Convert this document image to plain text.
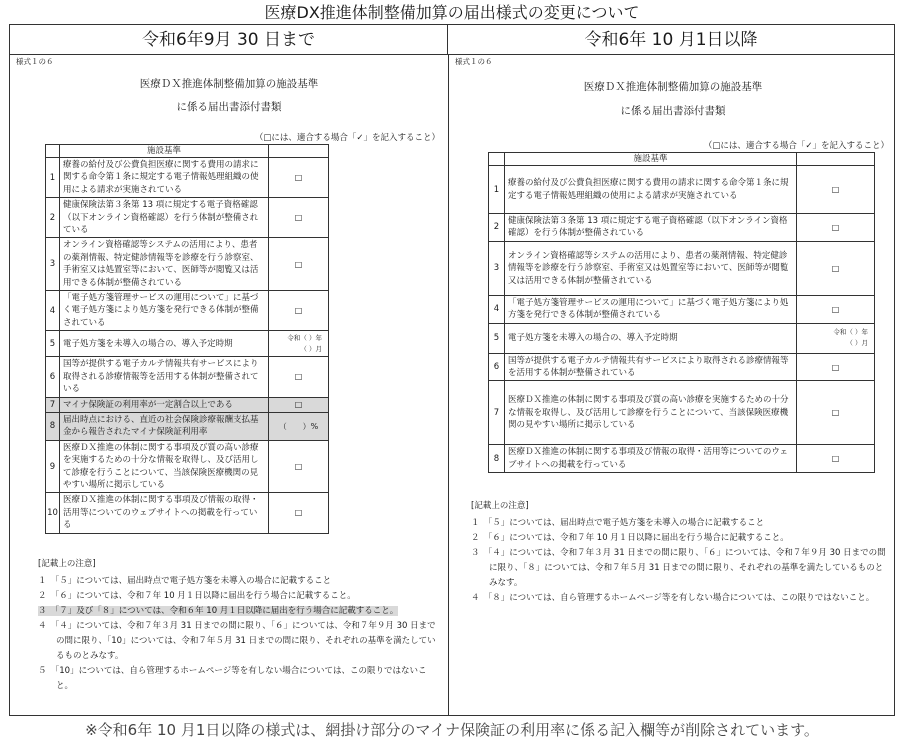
医療DX推進体制整備加算の届出様式の変更について
令和6年9月 30 日まで	令和6年 10 月1日以降
様式１の６
医療ＤＸ推進体制整備加算の施設基準
に係る届出書添付書類
（□には、適合する場合「✓」を記入すること）
	施設基準	
1	療養の給付及び公費負担医療に関する費用の請求に関する命令第１条に規定する電子情報処理組織の使用による請求が実施されている	□
2	健康保険法第３条第 13 項に規定する電子資格確認（以下オンライン資格確認）を行う体制が整備されている	□
3	オンライン資格確認等システムの活用により、患者の薬剤情報、特定健診情報等を診療を行う診察室、手術室又は処置室等において、医師等が閲覧又は活用できる体制が整備されている	□
4	「電子処方箋管理サービスの運用について」に基づく電子処方箋により処方箋を発行できる体制が整備されている	□
5	電子処方箋を未導入の場合の、導入予定時期	令和（ ）年
（ ）月

6	国等が提供する電子カルテ情報共有サービスにより取得される診療情報等を活用する体制が整備されている	□
7	マイナ保険証の利用率が一定割合以上である	□
8	届出時点における、直近の社会保険診療報酬支払基金から報告されたマイナ保険証利用率	（　　）%
9	医療ＤＸ推進の体制に関する事項及び質の高い診療を実施するための十分な情報を取得し、及び活用して診療を行うことについて、当該保険医療機関の見やすい場所に掲示している	□
10	医療ＤＸ推進の体制に関する事項及び情報の取得・活用等についてのウェブサイトへの掲載を行っている	□
[記載上の注意]
１　「５」については、届出時点で電子処方箋を未導入の場合に記載すること
２　「６」については、令和７年 10 月１日以降に届出を行う場合に記載すること。
３　「７」及び「８」については、令和６年 10 月１日以降に届出を行う場合に記載すること。
４　「４」については、令和７年３月 31 日までの間に限り、「６」については、令和７年９月 30 日までの間に限り、「10」については、令和７年５月 31 日までの間に限り、それぞれの基準を満たしているものとみなす。
５　「10」については、自ら管理するホームページ等を有しない場合については、この限りではないこと。
様式１の６
医療ＤＸ推進体制整備加算の施設基準
に係る届出書添付書類
（□には、適合する場合「✓」を記入すること）
	施設基準	
1	療養の給付及び公費負担医療に関する費用の請求に関する命令第１条に規定する電子情報処理組織の使用による請求が実施されている	□
2	健康保険法第３条第 13 項に規定する電子資格確認（以下オンライン資格確認）を行う体制が整備されている	□
3	オンライン資格確認等システムの活用により、患者の薬剤情報、特定健診情報等を診療を行う診察室、手術室又は処置室等において、医師等が閲覧又は活用できる体制が整備されている	□
4	「電子処方箋管理サービスの運用について」に基づく電子処方箋により処方箋を発行できる体制が整備されている	□
5	電子処方箋を未導入の場合の、導入予定時期	令和（ ）年
（ ）月

6	国等が提供する電子カルテ情報共有サービスにより取得される診療情報等を活用する体制が整備されている	□
7	医療ＤＸ推進の体制に関する事項及び質の高い診療を実施するための十分な情報を取得し、及び活用して診療を行うことについて、当該保険医療機関の見やすい場所に掲示している	□
8	医療ＤＸ推進の体制に関する事項及び情報の取得・活用等についてのウェブサイトへの掲載を行っている	□
[記載上の注意]
１　「５」については、届出時点で電子処方箋を未導入の場合に記載すること
２　「６」については、令和７年 10 月１日以降に届出を行う場合に記載すること。
３　「４」については、令和７年３月 31 日までの間に限り、「６」については、令和７年９月 30 日までの間に限り、「８」については、令和７年５月 31 日までの間に限り、それぞれの基準を満たしているものとみなす。
４　「８」については、自ら管理するホームページ等を有しない場合については、この限りではないこと。
※令和6年 10 月1日以降の様式は、網掛け部分のマイナ保険証の利用率に係る記入欄等が削除されています。
